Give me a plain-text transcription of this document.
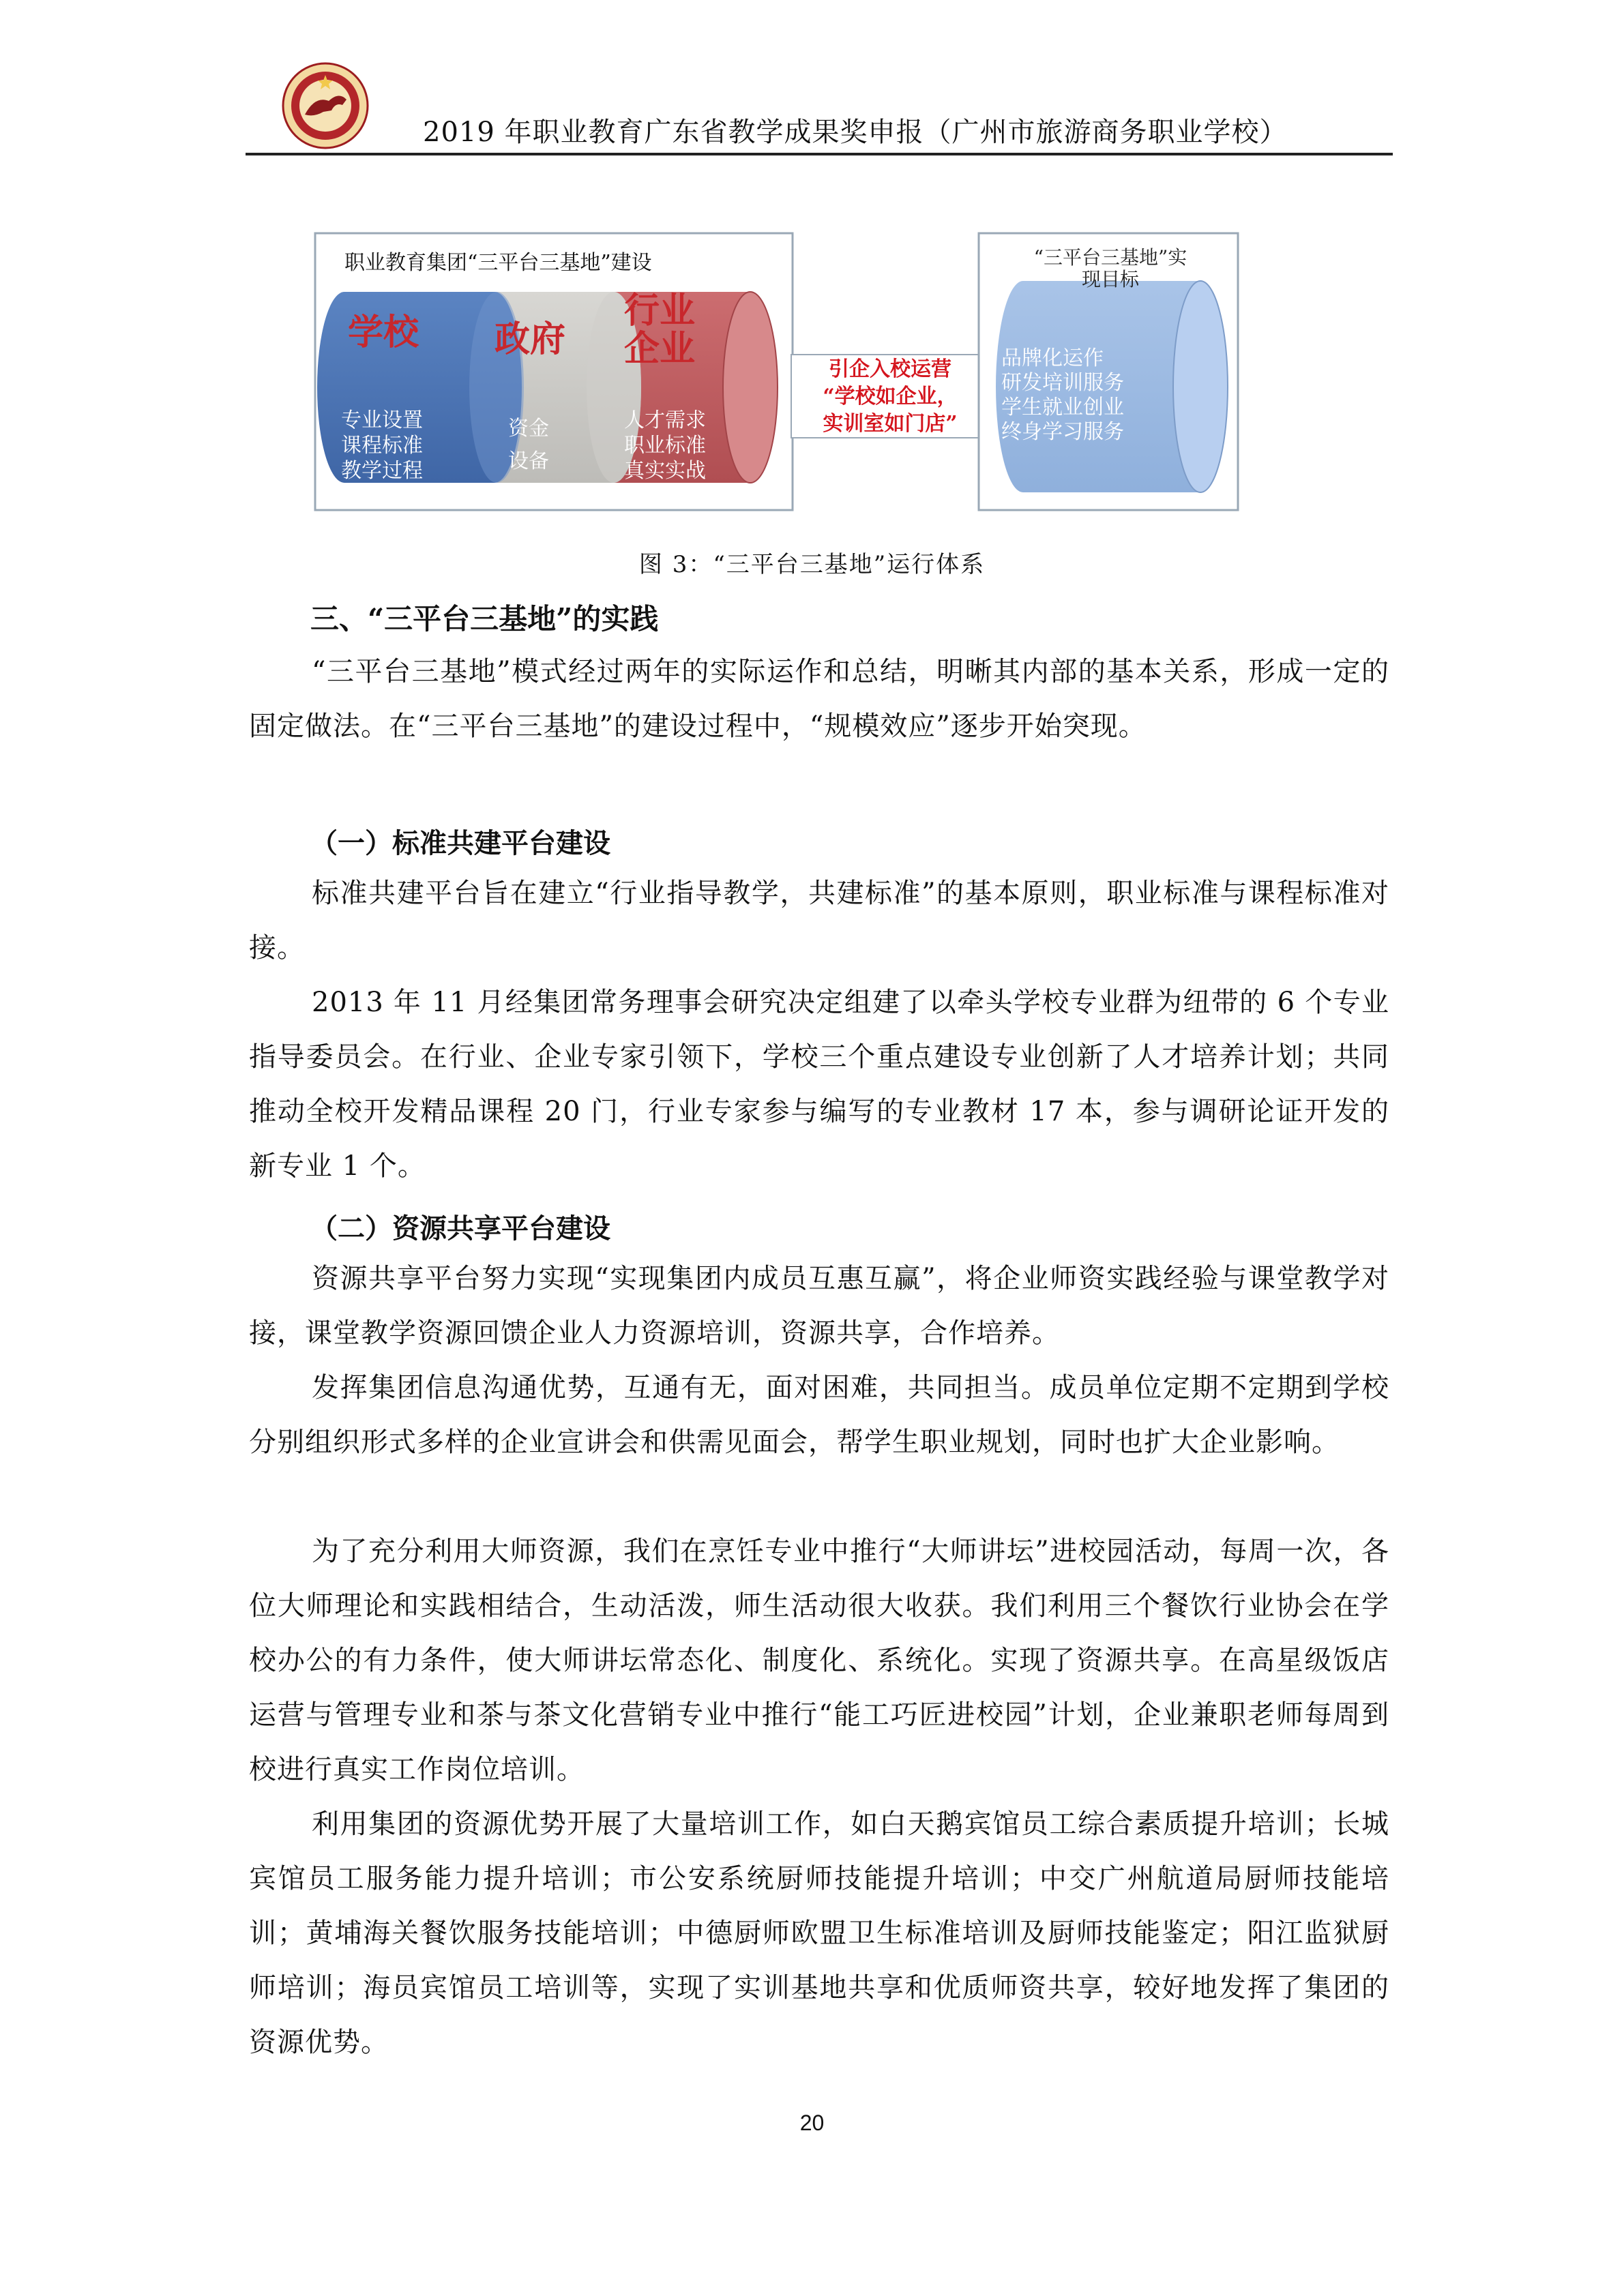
2019 年职业教育广东省教学成果奖申报（广州市旅游商务职业学校）
职业教育集团“三平台三基地”建设
学校
专业设置
课程标准
教学过程
政府
资金
设备
行业
企业
人才需求
职业标准
真实实战
引企入校运营
“学校如企业，
实训室如门店”
“三平台三基地”实
现目标
品牌化运作
研发培训服务
学生就业创业
终身学习服务
图 3：“三平台三基地”运行体系
三、“三平台三基地”的实践

“三平台三基地”模式经过两年的实际运作和总结，明晰其内部的基本关系，形成一定的固定做法。在“三平台三基地”的建设过程中，“规模效应”逐步开始突现。

（一）标准共建平台建设

标准共建平台旨在建立“行业指导教学，共建标准”的基本原则，职业标准与课程标准对接。

2013 年 11 月经集团常务理事会研究决定组建了以牵头学校专业群为纽带的 6 个专业指导委员会。在行业、企业专家引领下，学校三个重点建设专业创新了人才培养计划；共同推动全校开发精品课程 20 门，行业专家参与编写的专业教材 17 本，参与调研论证开发的新专业 1 个。

（二）资源共享平台建设

资源共享平台努力实现“实现集团内成员互惠互赢”，将企业师资实践经验与课堂教学对接，课堂教学资源回馈企业人力资源培训，资源共享，合作培养。

发挥集团信息沟通优势，互通有无，面对困难，共同担当。成员单位定期不定期到学校分别组织形式多样的企业宣讲会和供需见面会，帮学生职业规划，同时也扩大企业影响。

为了充分利用大师资源，我们在烹饪专业中推行“大师讲坛”进校园活动，每周一次，各位大师理论和实践相结合，生动活泼，师生活动很大收获。我们利用三个餐饮行业协会在学校办公的有力条件，使大师讲坛常态化、制度化、系统化。实现了资源共享。在高星级饭店运营与管理专业和茶与茶文化营销专业中推行“能工巧匠进校园”计划，企业兼职老师每周到校进行真实工作岗位培训。

利用集团的资源优势开展了大量培训工作，如白天鹅宾馆员工综合素质提升培训；长城宾馆员工服务能力提升培训；市公安系统厨师技能提升培训；中交广州航道局厨师技能培训；黄埔海关餐饮服务技能培训；中德厨师欧盟卫生标准培训及厨师技能鉴定；阳江监狱厨师培训；海员宾馆员工培训等，实现了实训基地共享和优质师资共享，较好地发挥了集团的资源优势。

20
